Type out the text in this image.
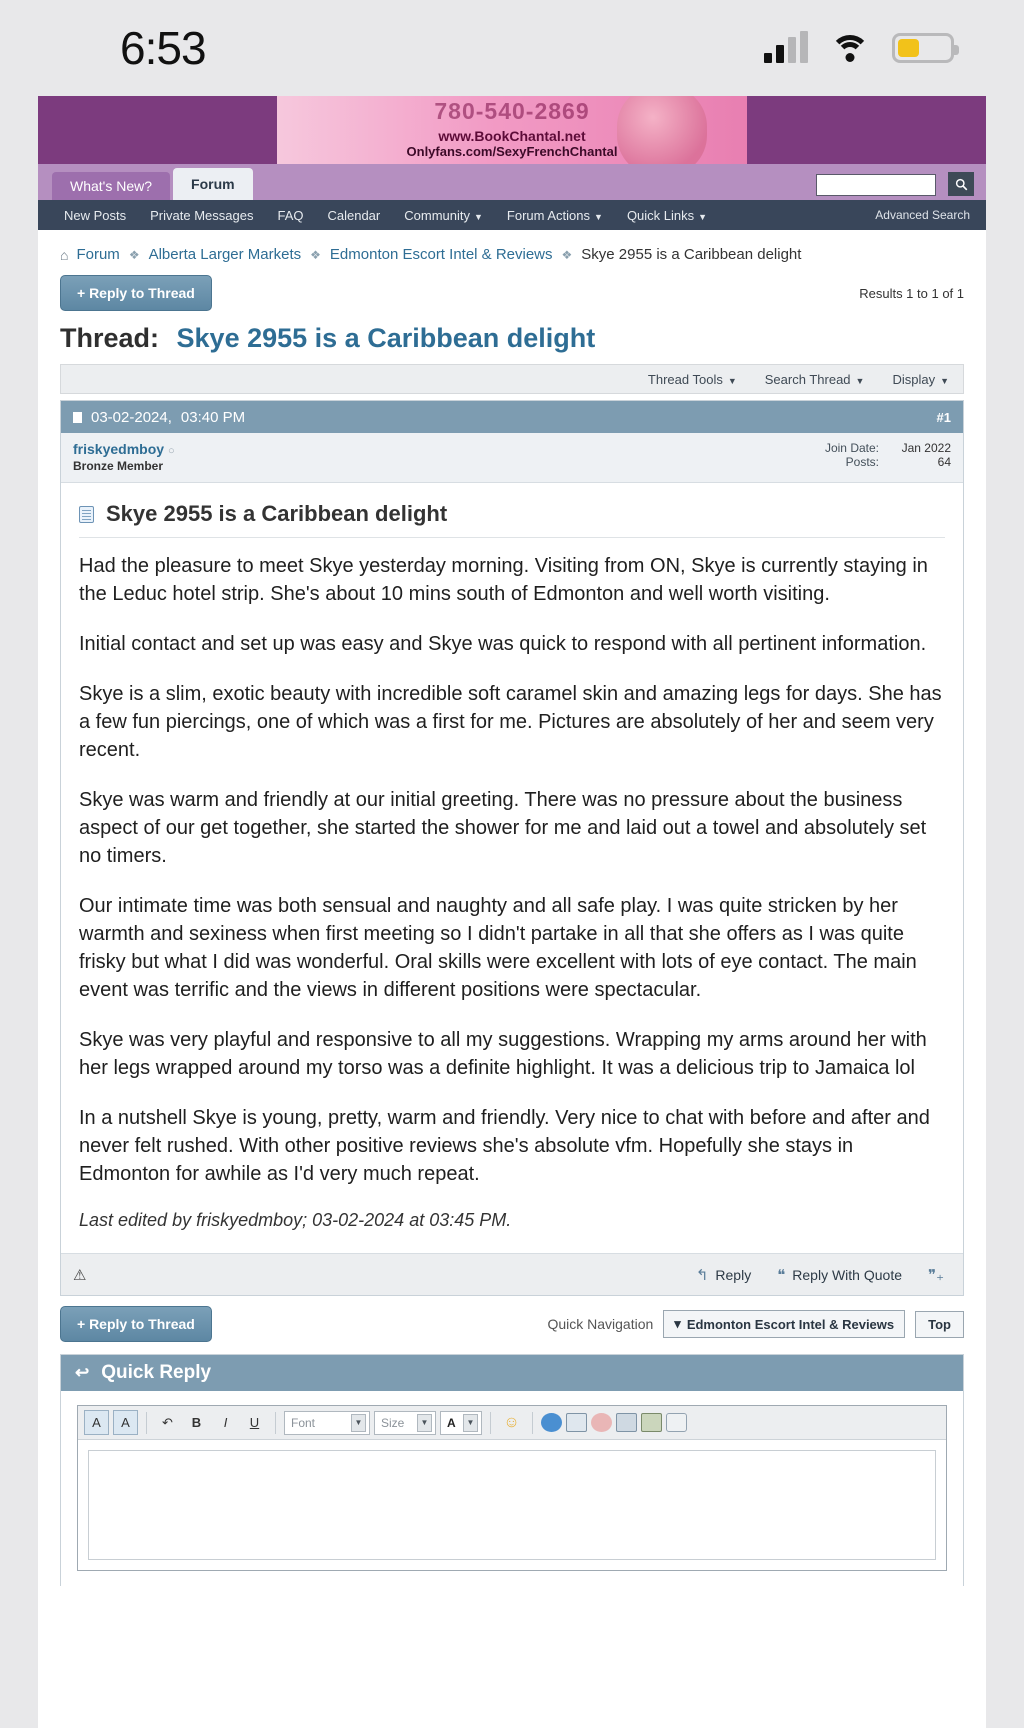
6:53
780-540-2869
www.BookChantal.net
Onlyfans.com/SexyFrenchChantal
What's New?	Forum
New Posts	Private Messages	FAQ	Calendar	Community ▼	Forum Actions ▼	Quick Links ▼	Advanced Search
⌂ Forum ❖ Alberta Larger Markets ❖ Edmonton Escort Intel & Reviews ❖ Skye 2955 is a Caribbean delight
+ Reply to Thread	Results 1 to 1 of 1
Thread: Skye 2955 is a Caribbean delight
Thread Tools ▼	Search Thread ▼	Display ▼
03-02-2024, 03:40 PM	#1
friskyedmboy ○
Bronze Member
Join Date:	Jan 2022
Posts:	64
Skye 2955 is a Caribbean delight

Had the pleasure to meet Skye yesterday morning. Visiting from ON, Skye is currently staying in the Leduc hotel strip. She's about 10 mins south of Edmonton and well worth visiting.

Initial contact and set up was easy and Skye was quick to respond with all pertinent information.

Skye is a slim, exotic beauty with incredible soft caramel skin and amazing legs for days. She has a few fun piercings, one of which was a first for me. Pictures are absolutely of her and seem very recent.

Skye was warm and friendly at our initial greeting. There was no pressure about the business aspect of our get together, she started the shower for me and laid out a towel and absolutely set no timers.

Our intimate time was both sensual and naughty and all safe play. I was quite stricken by her warmth and sexiness when first meeting so I didn't partake in all that she offers as I was quite frisky but what I did was wonderful. Oral skills were excellent with lots of eye contact. The main event was terrific and the views in different positions were spectacular.

Skye was very playful and responsive to all my suggestions. Wrapping my arms around her with her legs wrapped around my torso was a definite highlight. It was a delicious trip to Jamaica lol

In a nutshell Skye is young, pretty, warm and friendly. Very nice to chat with before and after and never felt rushed. With other positive reviews she's absolute vfm. Hopefully she stays in Edmonton for awhile as I'd very much repeat.

Last edited by friskyedmboy; 03-02-2024 at 03:45 PM.

⚠	↰ Reply ❝ Reply With Quote ❞₊
+ Reply to Thread	Quick Navigation ▾ Edmonton Escort Intel & Reviews	Top
↩ Quick Reply
A	A	↶	B	I	U	Font	▼ Size	▼ A	▼ ☺
